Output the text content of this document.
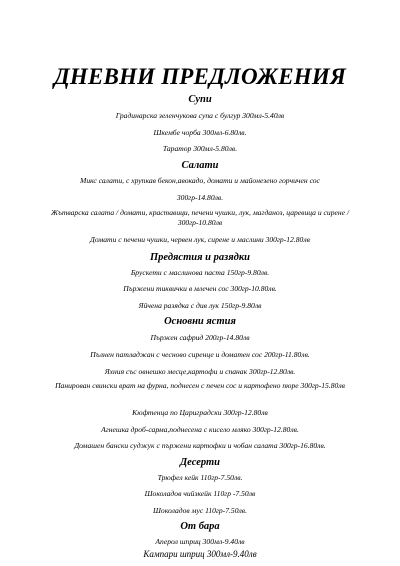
ДНЕВНИ ПРЕДЛОЖЕНИЯ
Супи
Градинарска зеленчукова супа с булгур 300мл-5.40лв
Шкембе чорба 300мл-6.80лв.
Таратор 300мл-5.80лв.
Салати
Микс салати, с хрупкав бекон,авокадо, домати и майонезено горчичен сос
300гр-14.80лв.
Жътварска салата / домати, краставици, печени чушки, лук, магданоз, царевица и сирене / 300гр-10.80лв
Домати с печени чушки, червен лук, сирене и маслини 300гр-12.80лв
Предястия и разядки
Брускети с маслинова паста 150гр-9.80лв.
Пържени тиквички в млечен сос 300гр-10.80лв.
Яйчена разядка с див лук 150гр-9.80лв
Основни ястия
Пържен сафрид 200гр-14.80лв
Пълнен патладжан с чесново сиренце и доматен сос 200гр-11.80лв.
Яхния със овнешко месце,картофи и спанак 300гр-12.80лв.
Панирован свински врат на фурна, поднесен с печен сос и картофено пюре 300гр-15.80лв
Кюфтенца по Цариградски 300гр-12.80лв
Агнешка дроб-сарма,поднесена с кисело мляко 300гр-12.80лв.
Домашен бански суджук с пържени картофки и чобан салата 300гр-16.80лв.
Десерти
Трюфел кейк 110гр-7.50лв.
Шоколадов чийзкейк 110гр -7.50лв
Шоколадов мус 110гр-7.50лв.
От бара
Аперол шприц 300мл-9.40лв
Кампари шприц 300мл-9.40лв
